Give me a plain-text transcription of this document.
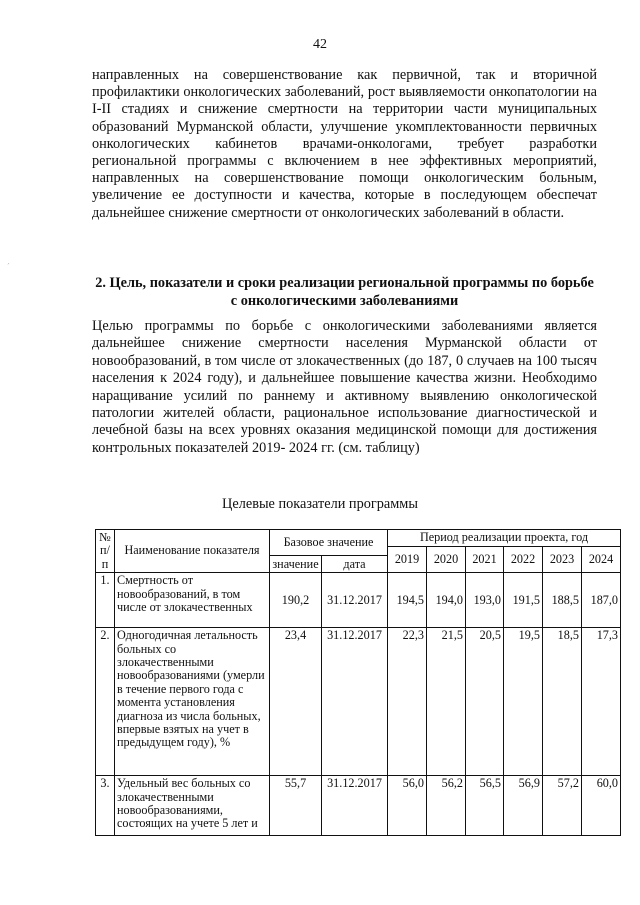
42
направленных на совершенствование как первичной, так и вторичной профилактики онкологических заболеваний, рост выявляемости онкопатологии на I-II стадиях и снижение смертности на территории части муниципальных образований Мурманской области, улучшение укомплектованности первичных онкологических кабинетов врачами-онкологами, требует разработки региональной программы с включением в нее эффективных мероприятий, направленных на совершенствование помощи онкологическим больным, увеличение ее доступности и качества, которые в последующем обеспечат дальнейшее снижение смертности от онкологических заболеваний в области.
2. Цель, показатели и сроки реализации региональной программы по борьбе с онкологическими заболеваниями
Целью программы по борьбе с онкологическими заболеваниями является дальнейшее снижение смертности населения Мурманской области от новообразований, в том числе от злокачественных (до 187, 0 случаев на 100 тысяч населения к 2024 году), и дальнейшее повышение качества жизни. Необходимо наращивание усилий по раннему и активному выявлению онкологической патологии жителей области, рациональное использование диагностической и лечебной базы на всех уровнях оказания медицинской помощи для достижения контрольных показателей 2019- 2024 гг. (см. таблицу)
Целевые показатели программы
№ п/п	Наименование показателя	Базовое значение		Период реализации проекта, год					
				2019	2020	2021	2022	2023	2024
		значение	дата						
1.	Смертность от новообразований, в том числе от злокачественных	190,2	31.12.2017	194,5	194,0	193,0	191,5	188,5	187,0
2.	Одногодичная летальность больных со злокачественными новообразованиями (умерли в течение первого года с момента установления диагноза из числа больных, впервые взятых на учет в предыдущем году), %	23,4	31.12.2017	22,3	21,5	20,5	19,5	18,5	17,3
3.	Удельный вес больных со злокачественными новообразованиями, состоящих на учете 5 лет и	55,7	31.12.2017	56,0	56,2	56,5	56,9	57,2	60,0
´
